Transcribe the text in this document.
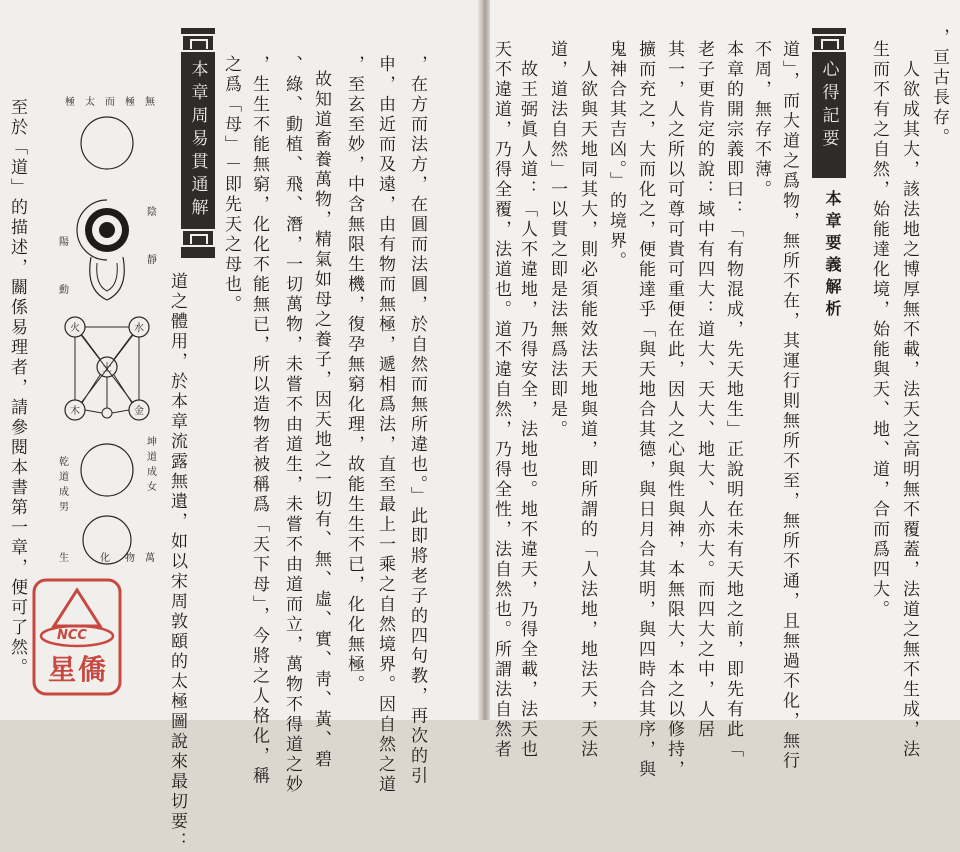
無
極
而
太
極
陰
靜
陽
動
火	水
土
木	金
坤
道
成
女
乾
道
成
男
萬
物
化
生
至於「道」的描述，關係易理者，請參閱本書第一章，便可了然。	本章周易貫通解
道之體用，於本章流露無遺，如以宋周敦頤的太極圖說來最切要：
之爲「母」－即先天之母也。 ，生生不能無窮，化化不能無已，所以造物者被稱爲「天下母」，今將之人格化，稱 、綠、動植、飛、潛，一切萬物，未嘗不由道生，未嘗不由道而立，萬物不得道之妙 故知道畜養萬物，精氣如母之養子，因天地之一切有、無、虛、實、靑、黃、碧 ，至玄至妙，中含無限生機，復孕無窮化理，故能生生不已，化化無極。 申，由近而及遠，由有物而無極，遞相爲法，直至最上一乘之自然境界。因自然之道 ，在方而法方，在圓而法圓，於自然而無所違也。」此即將老子的四句教，再次的引
NCC
星僑
心得記要
本章要義解析
，亘古長存。
人欲成其大，該法地之博厚無不載，法天之高明無不覆蓋，法道之無不生成，法
生而不有之自然，始能達化境，始能與天、地、道，合而爲四大。
道」，而大道之爲物，無所不在，其運行則無所不至，無所不通，且無過不化，無行
不周，無存不薄。
本章的開宗義即曰：「有物混成，先天地生」正說明在未有天地之前，即先有此「
老子更肯定的說：域中有四大：道大、天大、地大、人亦大。而四大之中，人居
其一，人之所以可尊可貴可重便在此，因人之心與性與神，本無限大，本之以修持，
擴而充之，大而化之，便能達乎「與天地合其德，與日月合其明，與四時合其序，與
鬼神合其吉凶。」的境界。
人欲與天地同其大，則必須能效法天地與道，即所謂的「人法地，地法天，天法
道，道法自然」一以貫之即是法無爲法即是。
故王弼眞人道：「人不違地，乃得安全，法地也。地不違天，乃得全載，法天也
天不違道，乃得全覆，法道也。道不違自然，乃得全性，法自然也。所謂法自然者
